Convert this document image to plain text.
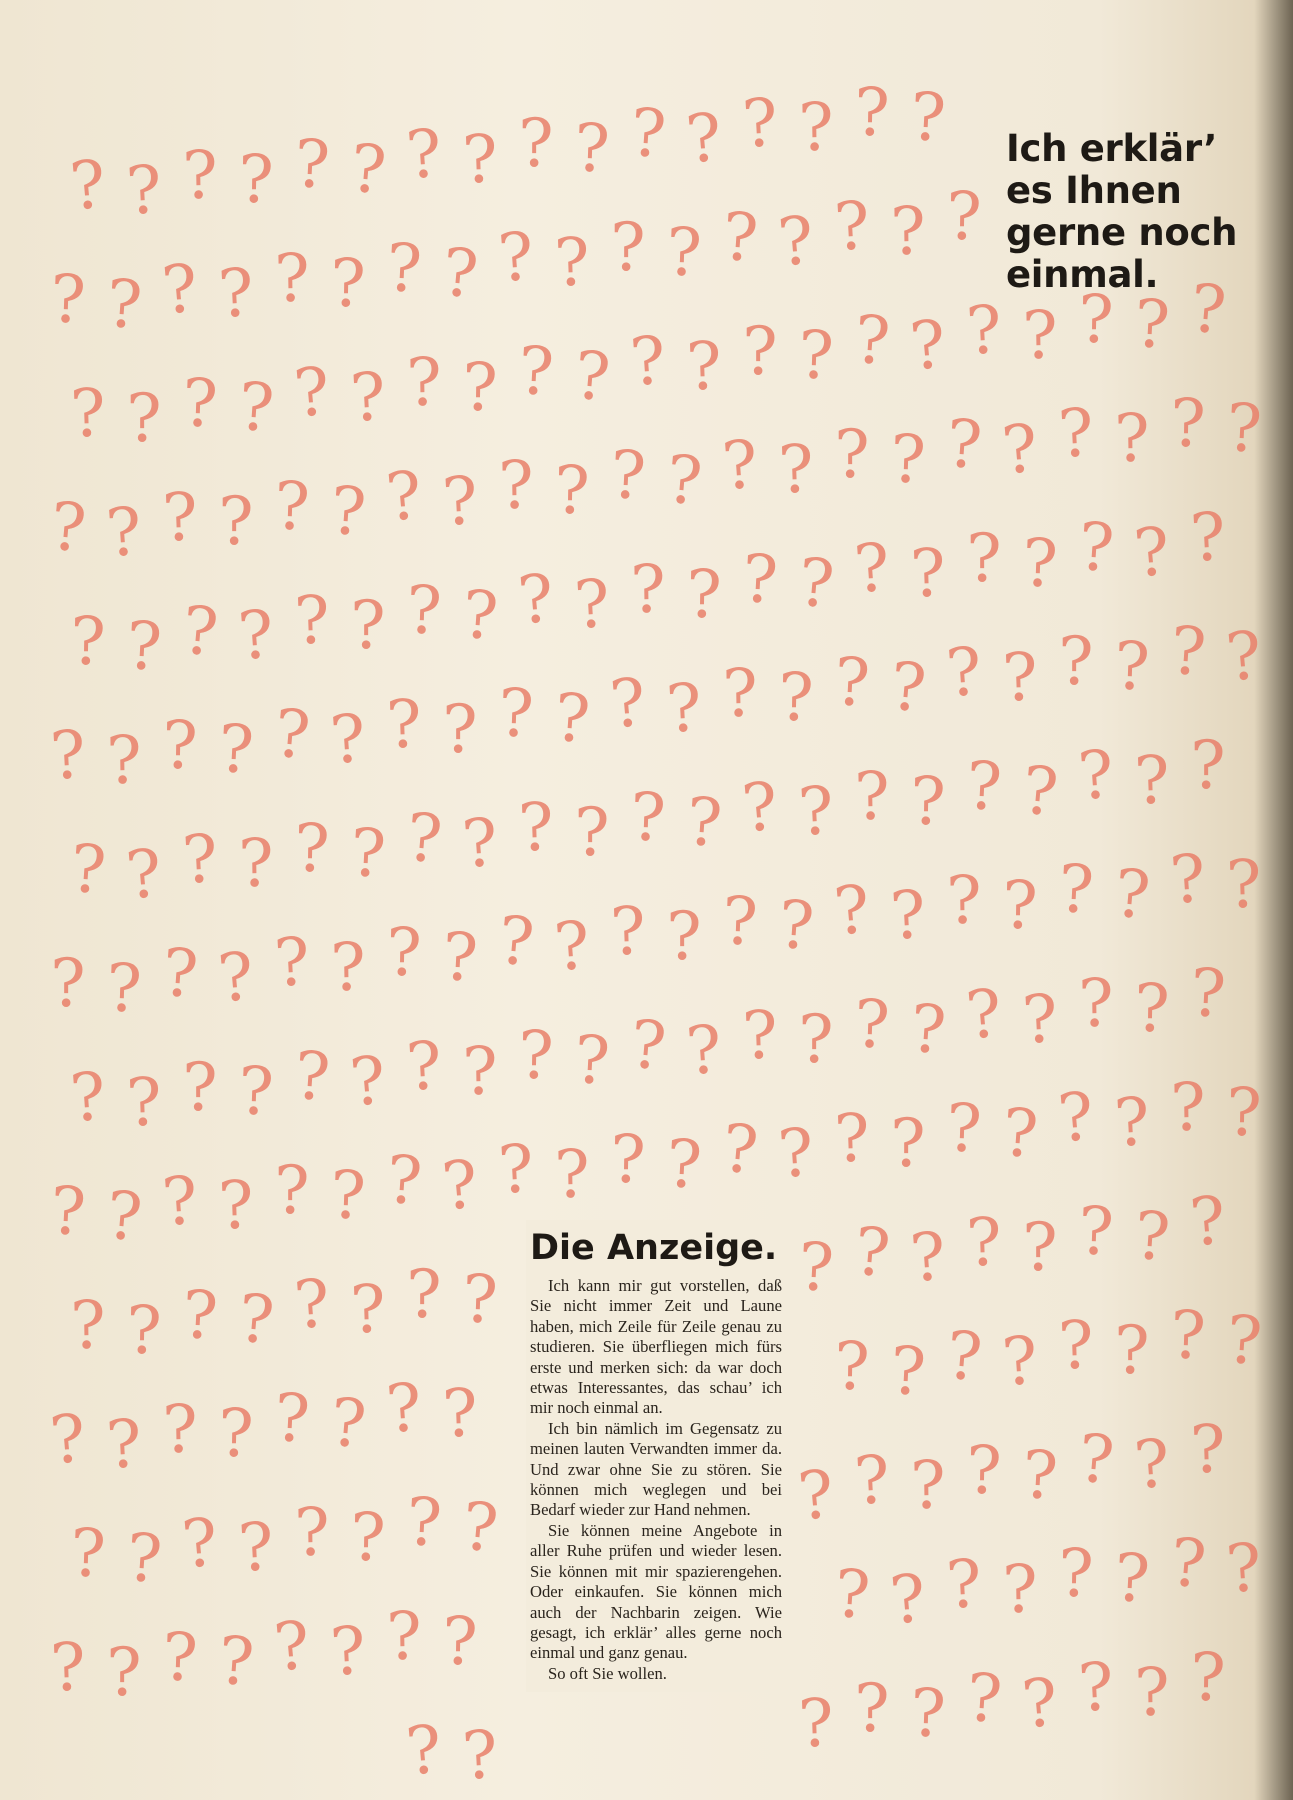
? ? ? ? ? ? ? ? ? ? ? ? ? ? ? ?
? ? ? ? ? ? ? ? ? ? ? ? ? ? ? ? ?
? ? ? ? ? ? ? ? ? ? ? ? ? ? ? ? ? ? ? ? ?
? ? ? ? ? ? ? ? ? ? ? ? ? ? ? ? ? ? ? ? ? ?
? ? ? ? ? ? ? ? ? ? ? ? ? ? ? ? ? ? ? ? ?
? ? ? ? ? ? ? ? ? ? ? ? ? ? ? ? ? ? ? ? ? ?
? ? ? ? ? ? ? ? ? ? ? ? ? ? ? ? ? ? ? ? ?
? ? ? ? ? ? ? ? ? ? ? ? ? ? ? ? ? ? ? ? ? ?
? ? ? ? ? ? ? ? ? ? ? ? ? ? ? ? ? ? ? ? ?
? ? ? ? ? ? ? ? ? ? ? ? ? ? ? ? ? ? ? ? ? ?
? ? ? ? ? ? ? ?	? ? ? ? ? ? ? ?
? ? ? ? ? ? ? ?
? ? ? ? ? ? ? ?
? ? ? ? ? ? ? ?	? ? ? ? ? ? ? ?
? ? ? ? ? ? ? ?
? ? ? ? ? ? ? ?
? ?	? ? ? ? ? ? ? ?
Ich erklär’
es Ihnen
gerne noch
einmal.
Die Anzeige.

Ich kann mir gut vorstellen, daß Sie nicht immer Zeit und Laune haben, mich Zeile für Zeile genau zu studieren. Sie überfliegen mich fürs erste und merken sich: da war doch etwas Interessantes, das schau’ ich mir noch einmal an.

Ich bin nämlich im Gegensatz zu meinen lauten Verwandten immer da. Und zwar ohne Sie zu stören. Sie können mich weglegen und bei Bedarf wieder zur Hand nehmen.

Sie können meine Angebote in aller Ruhe prüfen und wieder lesen. Sie können mit mir spazierengehen. Oder einkaufen. Sie können mich auch der Nachbarin zeigen. Wie gesagt, ich erklär’ alles gerne noch einmal und ganz genau.

So oft Sie wollen.
